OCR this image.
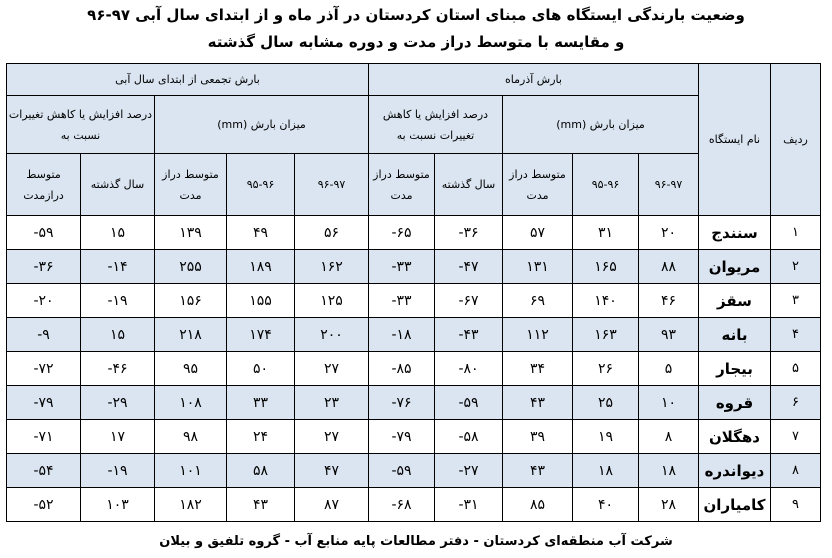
وضعیت بارندگی ایستگاه های مبنای استان کردستان در آذر ماه و از ابتدای سال آبی ۹۷-۹۶
و مقایسه با متوسط دراز مدت و دوره مشابه سال گذشته
ردیف	نام ایستگاه	بارش آذرماه					بارش تجمعی از ابتدای سال آبی				
		میزان بارش (mm)			درصد افزایش یا کاهش تغییرات نسبت به		میزان بارش (mm)			درصد افزایش یا کاهش تغییرات نسبت به	
		۹۶-۹۷	۹۵-۹۶	متوسط دراز مدت	سال گذشته	متوسط دراز مدت	۹۶-۹۷	۹۵-۹۶	متوسط دراز مدت	سال گذشته	متوسط درازمدت
۱	سنندج	۲۰	۳۱	۵۷	-۳۶	-۶۵	۵۶	۴۹	۱۳۹	۱۵	-۵۹
۲	مریوان	۸۸	۱۶۵	۱۳۱	-۴۷	-۳۳	۱۶۲	۱۸۹	۲۵۵	-۱۴	-۳۶
۳	سقز	۴۶	۱۴۰	۶۹	-۶۷	-۳۳	۱۲۵	۱۵۵	۱۵۶	-۱۹	-۲۰
۴	بانه	۹۳	۱۶۳	۱۱۲	-۴۳	-۱۸	۲۰۰	۱۷۴	۲۱۸	۱۵	-۹
۵	بیجار	۵	۲۶	۳۴	-۸۰	-۸۵	۲۷	۵۰	۹۵	-۴۶	-۷۲
۶	قروه	۱۰	۲۵	۴۳	-۵۹	-۷۶	۲۳	۳۳	۱۰۸	-۲۹	-۷۹
۷	دهگلان	۸	۱۹	۳۹	-۵۸	-۷۹	۲۷	۲۴	۹۸	۱۷	-۷۱
۸	دیواندره	۱۸	۱۸	۴۳	-۲۷	-۵۹	۴۷	۵۸	۱۰۱	-۱۹	-۵۴
۹	کامیاران	۲۸	۴۰	۸۵	-۳۱	-۶۸	۸۷	۴۳	۱۸۲	۱۰۳	-۵۲
شرکت آب منطقه‌ای کردستان - دفتر مطالعات پایه منابع آب - گروه تلفیق و بیلان
